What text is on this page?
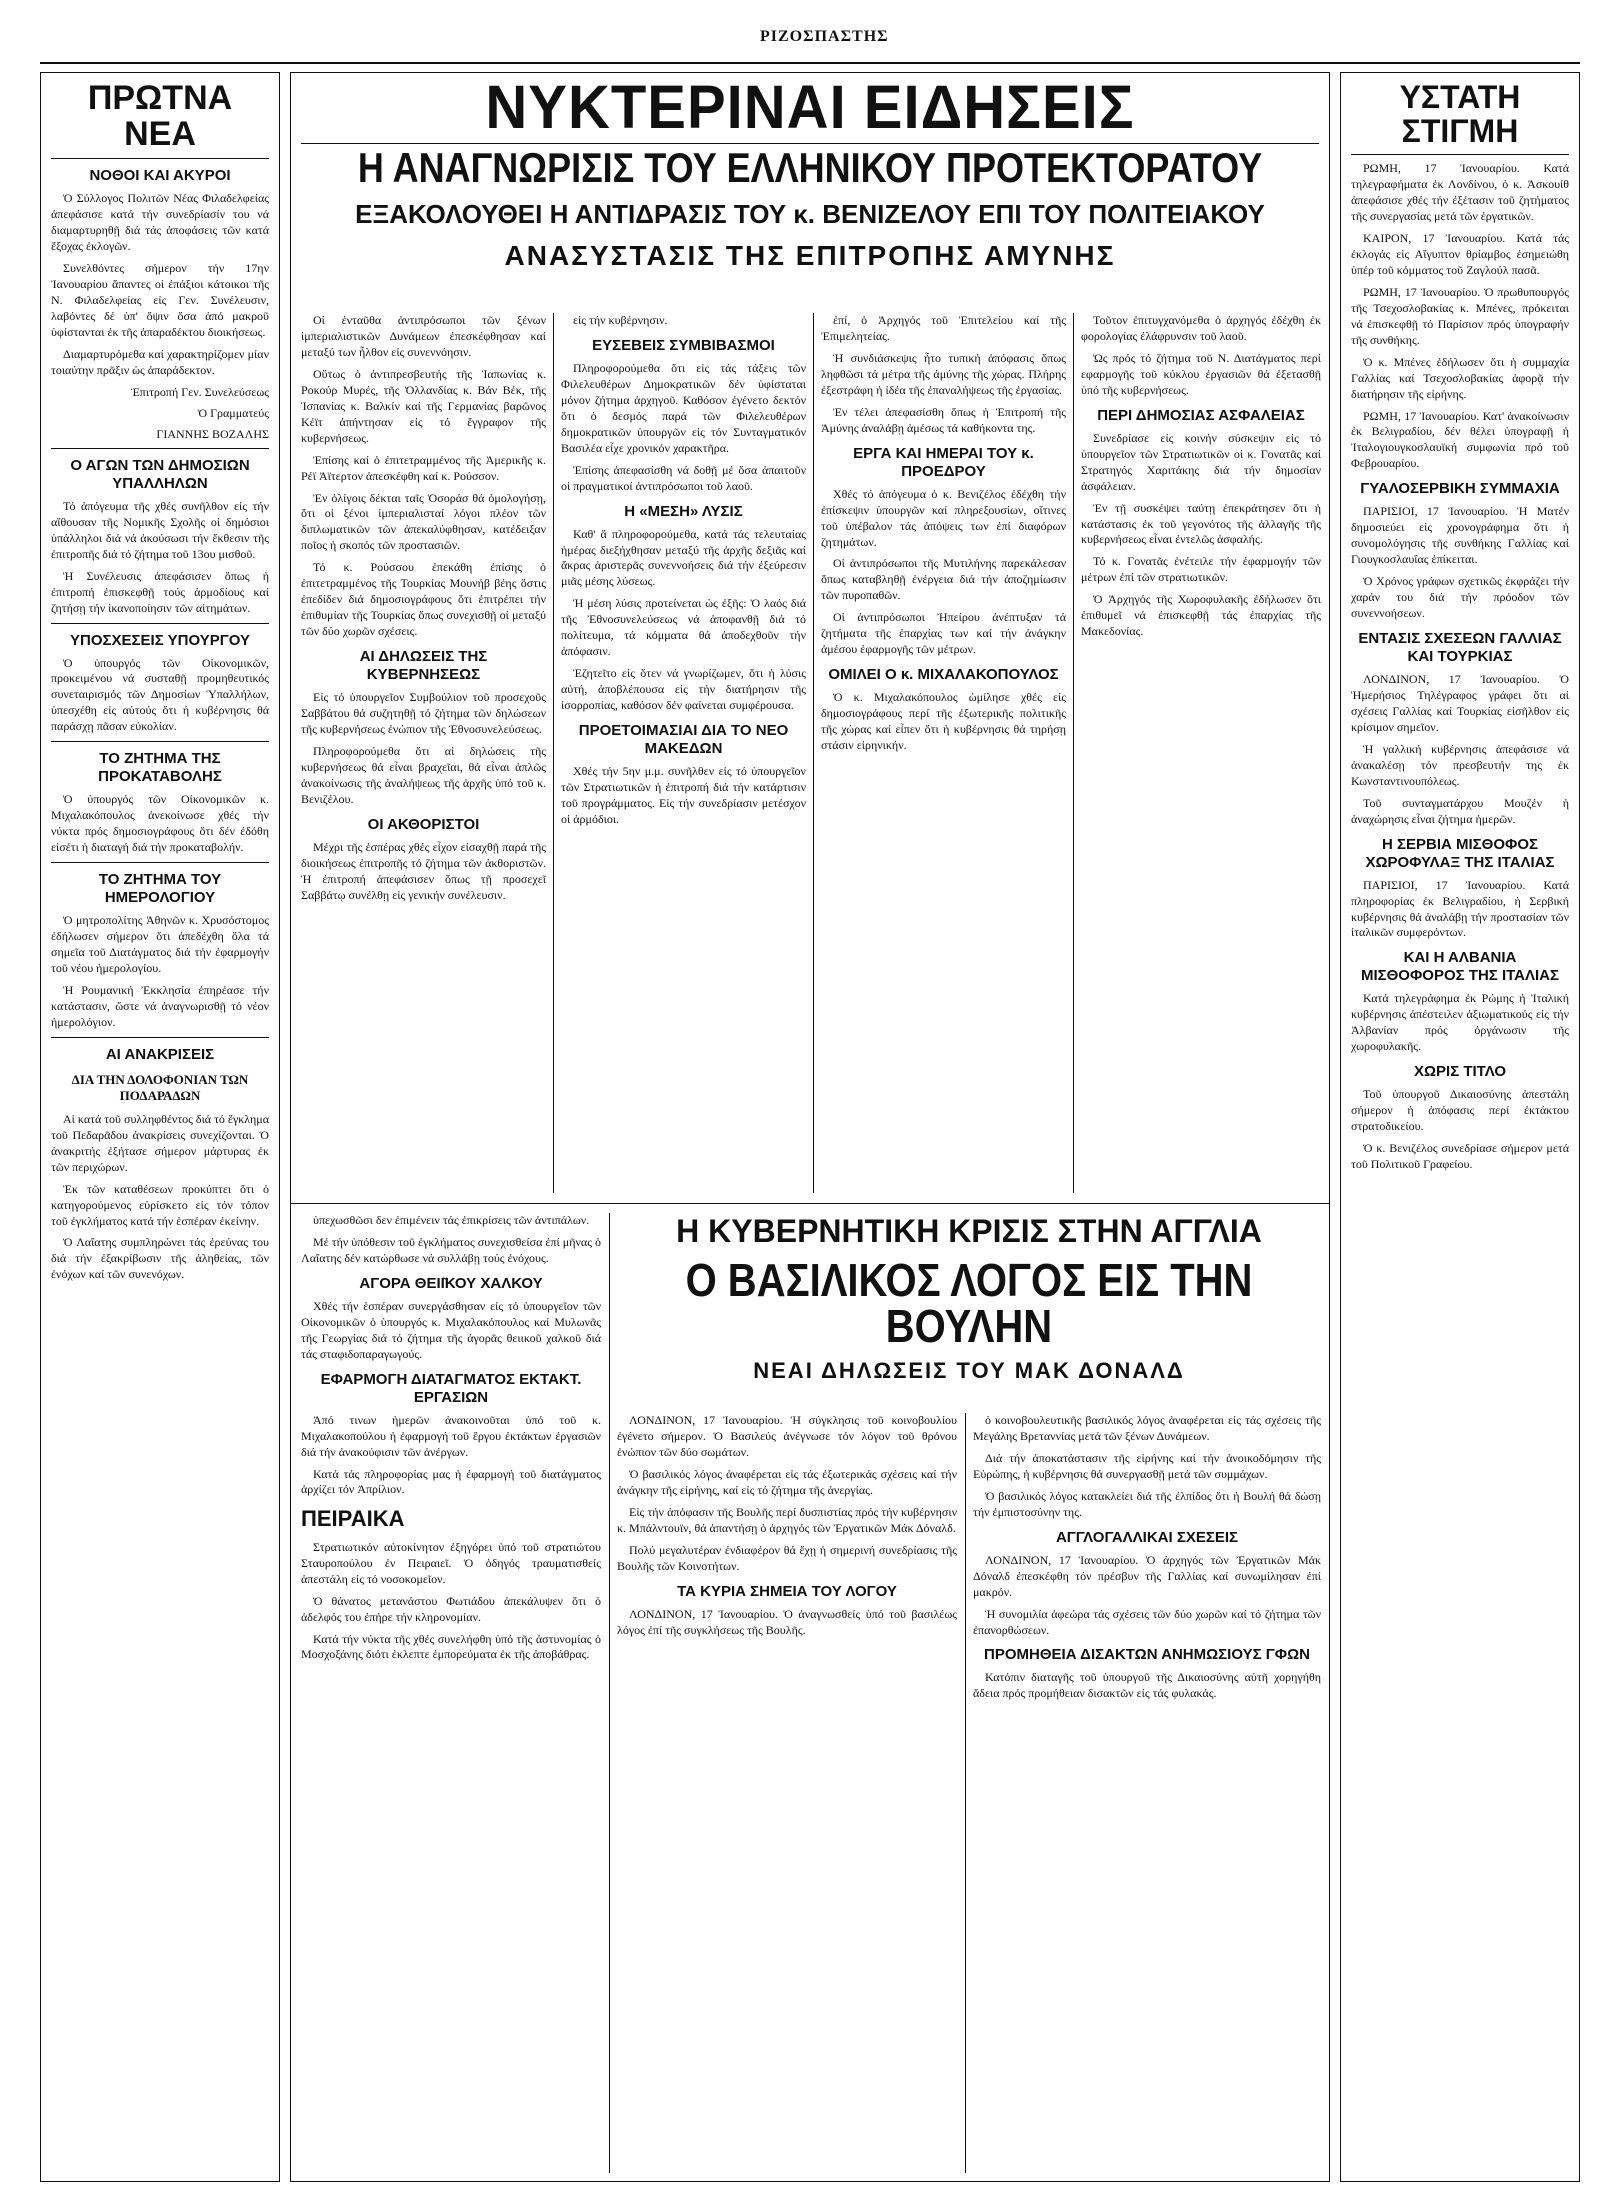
ΡΙΖΟΣΠΑΣΤΗΣ
ΠΡΩΤΝΑ ΝΕΑ
ΝΟΘΟΙ ΚΑΙ ΑΚΥΡΟΙ

Ὁ Σύλλογος Πολιτῶν Νέας Φιλαδελφείας ἀπεφάσισε κατά τήν συνεδρίασίν του νά διαμαρτυρηθῇ διά τάς ἀποφάσεις τῶν κατά ἔξοχας ἐκλογῶν.

Συνελθόντες σήμερον τήν 17ην Ἰανουαρίου ἅπαντες οἱ ἐπάξιοι κάτοικοι τῆς Ν. Φιλαδελφείας εἰς Γεν. Συνέλευσιν, λαβόντες δέ ὑπ' ὄψιν ὅσα ἀπό μακροῦ ὑφίστανται ἐκ τῆς ἀπαραδέκτου διοικήσεως.

Διαμαρτυρόμεθα καί χαρακτηρίζομεν μίαν τοιαύτην πρᾶξιν ὡς ἀπαράδεκτον.

Ἐπιτροπή Γεν. Συνελεύσεως
Ὁ Γραμματεύς
ΓΙΑΝΝΗΣ ΒΟΖΑΛΗΣ
Ο ΑΓΩΝ ΤΩΝ ΔΗΜΟΣΙΩΝ ΥΠΑΛΛΗΛΩΝ

Τό ἀπόγευμα τῆς χθές συνῆλθον εἰς τήν αἴθουσαν τῆς Νομικῆς Σχολῆς οἱ δημόσιοι ὑπάλληλοι διά νά ἀκούσωσι τήν ἔκθεσιν τῆς ἐπιτροπῆς διά τό ζήτημα τοῦ 13ου μισθοῦ.

Ἡ Συνέλευσις ἀπεφάσισεν ὅπως ἡ ἐπιτροπή ἐπισκεφθῇ τούς ἁρμοδίους καί ζητήσῃ τήν ἱκανοποίησιν τῶν αἰτημάτων.

ΥΠΟΣΧΕΣΕΙΣ ΥΠΟΥΡΓΟΥ

Ὁ ὑπουργός τῶν Οἰκονομικῶν, προκειμένου νά συσταθῇ προμηθευτικός συνεταιρισμός τῶν Δημοσίων Ὑπαλλήλων, ὑπεσχέθη εἰς αὐτούς ὅτι ἡ κυβέρνησις θά παράσχῃ πᾶσαν εὐκολίαν.

ΤΟ ΖΗΤΗΜΑ ΤΗΣ ΠΡΟΚΑΤΑΒΟΛΗΣ

Ὁ ὑπουργός τῶν Οἰκονομικῶν κ. Μιχαλακόπουλος ἀνεκοίνωσε χθές τήν νύκτα πρός δημοσιογράφους ὅτι δέν ἐδόθη εἰσέτι ἡ διαταγή διά τήν προκαταβολήν.

ΤΟ ΖΗΤΗΜΑ ΤΟΥ ΗΜΕΡΟΛΟΓΙΟΥ

Ὁ μητροπολίτης Ἀθηνῶν κ. Χρυσόστομος ἐδήλωσεν σήμερον ὅτι ἀπεδέχθη ὅλα τά σημεῖα τοῦ Διατάγματος διά τήν ἐφαρμογήν τοῦ νέου ἡμερολογίου.

Ἡ Ρουμανική Ἐκκλησία ἐπηρέασε τήν κατάστασιν, ὥστε νά ἀναγνωρισθῇ τό νέον ἡμερολόγιον.

ΑΙ ΑΝΑΚΡΙΣΕΙΣ
ΔΙΑ ΤΗΝ ΔΟΛΟΦΟΝΙΑΝ ΤΩΝ ΠΟΔΑΡΑΔΩΝ

Αἱ κατά τοῦ συλληφθέντος διά τό ἔγκλημα τοῦ Πεδαρᾶδου ἀνακρίσεις συνεχίζονται. Ὁ ἀνακριτής ἐξήτασε σήμερον μάρτυρας ἐκ τῶν περιχώρων.

Ἐκ τῶν καταθέσεων προκύπτει ὅτι ὁ κατηγορούμενος εὑρίσκετο εἰς τόν τόπον τοῦ ἐγκλήματος κατά τήν ἑσπέραν ἐκείνην.

Ὁ Λαΐατης συμπληρώνει τάς ἐρεύνας του διά τήν ἐξακρίβωσιν τῆς ἀληθείας, τῶν ἐνόχων καί τῶν συνενόχων.

ΝΥΚΤΕΡΙΝΑΙ ΕΙΔΗΣΕΙΣ
Η ΑΝΑΓΝΩΡΙΣΙΣ ΤΟΥ ΕΛΛΗΝΙΚΟΥ ΠΡΟΤΕΚΤΟΡΑΤΟΥ
ΕΞΑΚΟΛΟΥΘΕΙ Η ΑΝΤΙΔΡΑΣΙΣ ΤΟΥ κ. ΒΕΝΙΖΕΛΟΥ ΕΠΙ ΤΟΥ ΠΟΛΙΤΕΙΑΚΟΥ
ΑΝΑΣΥΣΤΑΣΙΣ ΤΗΣ ΕΠΙΤΡΟΠΗΣ ΑΜΥΝΗΣ

Οἱ ἐνταῦθα ἀντιπρόσωποι τῶν ξένων ἱμπεριαλιστικῶν Δυνάμεων ἐπεσκέφθησαν καί μεταξύ των ἦλθον εἰς συνεννόησιν.

Οὕτως ὁ ἀντιπρεσβευτής τῆς Ἰαπωνίας κ. Ροκούρ Μυρές, τῆς Ὁλλανδίας κ. Βάν Βέκ, τῆς Ἱσπανίας κ. Βαλκίν καί τῆς Γερμανίας βαρῶνος Κέϊτ ἀπήντησαν εἰς τό ἔγγραφον τῆς κυβερνήσεως.

Ἐπίσης καί ὁ ἐπιτετραμμένος τῆς Ἀμερικῆς κ. Ρέϊ Ἀϊτερτον ἀπεσκέφθη καί κ. Ρούσσον.

Ἐν ὀλίγοις δέκται ταῖς Ὁσοράσ θά ὁμολογήσῃ, ὅτι οἱ ξένοι ἱμπεριαλισταί λόγοι πλέον τῶν διπλωματικῶν τῶν ἀπεκαλύφθησαν, κατέδειξαν ποῖος ἡ σκοπός τῶν προστασιῶν.

Τό κ. Ρούσσου ἐπεκάθη ἐπίσης ὁ ἐπιτετραμμένος τῆς Τουρκίας Μουνήβ βέης ὅστις ἐπεδίδεν διά δημοσιογράφους ὅτι ἐπιτρέπει τήν ἐπιθυμίαν τῆς Τουρκίας ὅπως συνεχισθῇ οἱ μεταξύ τῶν δύο χωρῶν σχέσεις.

ΑΙ ΔΗΛΩΣΕΙΣ ΤΗΣ ΚΥΒΕΡΝΗΣΕΩΣ

Εἰς τό ὑπουργεῖον Συμβούλιον τοῦ προσεχοῦς Σαββάτου θά συζητηθῇ τό ζήτημα τῶν δηλώσεων τῆς κυβερνήσεως ἐνώπιον τῆς Ἐθνοσυνελεύσεως.

Πληροφορούμεθα ὅτι αἱ δηλώσεις τῆς κυβερνήσεως θά εἶναι βραχεῖαι, θά εἶναι ἁπλῶς ἀνακοίνωσις τῆς ἀναλήψεως τῆς ἀρχῆς ὑπό τοῦ κ. Βενιζέλου.

ΟΙ ΑΚΘΟΡΙΣΤΟΙ

Μέχρι τῆς ἑσπέρας χθές εἶχον εἰσαχθῇ παρά τῆς διοικήσεως ἐπιτροπῆς τό ζήτημα τῶν ἀκθοριστῶν. Ἡ ἐπιτροπή ἀπεφάσισεν ὅπως τῇ προσεχεῖ Σαββάτῳ συνέλθῃ εἰς γενικήν συνέλευσιν.

εἰς τήν κυβέρνησιν.

ΕΥΣΕΒΕΙΣ ΣΥΜΒΙΒΑΣΜΟΙ

Πληροφορούμεθα ὅτι εἰς τάς τάξεις τῶν Φιλελευθέρων Δημοκρατικῶν δέν ὑφίσταται μόνον ζήτημα ἀρχηγοῦ. Καθόσον ἐγένετο δεκτόν ὅτι ὁ δεσμός παρά τῶν Φιλελευθέρων δημοκρατικῶν ὑπουργῶν εἰς τόν Συνταγματικόν Βασιλέα εἶχε χρονικόν χαρακτῆρα.

Ἐπίσης ἀπεφασίσθη νά δοθῇ μέ ὅσα ἀπαιτοῦν οἱ πραγματικοί ἀντιπρόσωποι τοῦ λαοῦ.

Η «ΜΕΣΗ» ΛΥΣΙΣ

Καθ' ἅ πληροφορούμεθα, κατά τάς τελευταίας ἡμέρας διεξήχθησαν μεταξύ τῆς ἀρχῆς δεξιᾶς καί ἄκρας ἀριστερᾶς συνεννοήσεις διά τήν ἐξεύρεσιν μιᾶς μέσης λύσεως.

Ἡ μέση λύσις προτείνεται ὡς ἐξῆς: Ὁ λαός διά τῆς Ἐθνοσυνελεύσεως νά ἀποφανθῇ διά τό πολίτευμα, τά κόμματα θά ἀποδεχθοῦν τήν ἀπόφασιν.

Ἐζητεῖτο εἰς ὅτεν νά γνωρίζωμεν, ὅτι ἡ λύσις αὐτή, ἀποβλέπουσα εἰς τήν διατήρησιν τῆς ἰσορροπίας, καθόσον δέν φαίνεται συμφέρουσα.

ΠΡΟΕΤΟΙΜΑΣΙΑΙ ΔΙΑ ΤΟ ΝΕΟ ΜΑΚΕΔΩΝ

Χθές τήν 5ην μ.μ. συνῆλθεν εἰς τό ὑπουργεῖον τῶν Στρατιωτικῶν ἡ ἐπιτροπή διά τήν κατάρτισιν τοῦ προγράμματος. Εἰς τήν συνεδρίασιν μετέσχον οἱ ἁρμόδιοι.

ἐπί, ὁ Ἀρχηγός τοῦ Ἐπιτελείου καί τῆς Ἐπιμελητείας.

Ἡ συνδιάσκεψις ἦτο τυπική ἀπόφασις ὅπως ληφθῶσι τά μέτρα τῆς ἀμύνης τῆς χώρας. Πλήρης ἐξεστράφη ἡ ἰδέα τῆς ἐπαναλήψεως τῆς ἐργασίας.

Ἐν τέλει ἀπεφασίσθη ὅπως ἡ Ἐπιτροπή τῆς Ἀμύνης ἀναλάβῃ ἀμέσως τά καθήκοντα της.

ΕΡΓΑ ΚΑΙ ΗΜΕΡΑΙ ΤΟΥ κ. ΠΡΟΕΔΡΟΥ

Χθές τό ἀπόγευμα ὁ κ. Βενιζέλος ἐδέχθη τήν ἐπίσκεψιν ὑπουργῶν καί πληρεξουσίων, οἵτινες τοῦ ὑπέβαλον τάς ἀπόψεις των ἐπί διαφόρων ζητημάτων.

Οἱ ἀντιπρόσωποι τῆς Μυτιλήνης παρεκάλεσαν ὅπως καταβληθῇ ἐνέργεια διά τήν ἀποζημίωσιν τῶν πυροπαθῶν.

Οἱ ἀντιπρόσωποι Ἠπείρου ἀνέπτυξαν τά ζητήματα τῆς ἐπαρχίας των καί τήν ἀνάγκην ἀμέσου ἐφαρμογῆς τῶν μέτρων.

ΟΜΙΛΕΙ Ο κ. ΜΙΧΑΛΑΚΟΠΟΥΛΟΣ

Ὁ κ. Μιχαλακόπουλος ὡμίλησε χθές εἰς δημοσιογράφους περί τῆς ἐξωτερικῆς πολιτικῆς τῆς χώρας καί εἶπεν ὅτι ἡ κυβέρνησις θά τηρήσῃ στάσιν εἰρηνικήν.

Τοῦτον ἐπιτυγχανόμεθα ὁ ἀρχηγός ἐδέχθη ἐκ φορολογίας ἐλάφρυνσιν τοῦ λαοῦ.

Ὡς πρός τό ζήτημα τοῦ Ν. Διατάγματος περί εφαρμογῆς τοῦ κύκλου ἐργασιῶν θά ἐξετασθῇ ὑπό τῆς κυβερνήσεως.

ΠΕΡΙ ΔΗΜΟΣΙΑΣ ΑΣΦΑΛΕΙΑΣ

Συνεδρίασε εἰς κοινήν σύσκεψιν εἰς τό ὑπουργεῖον τῶν Στρατιωτικῶν οἱ κ. Γονατᾶς καί Στρατηγός Χαριτάκης διά τήν δημοσίαν ἀσφάλειαν.

Ἐν τῇ συσκέψει ταύτῃ ἐπεκράτησεν ὅτι ἡ κατάστασις ἐκ τοῦ γεγονότος τῆς ἀλλαγῆς τῆς κυβερνήσεως εἶναι ἐντελῶς ἀσφαλής.

Τό κ. Γονατᾶς ἐνέτειλε τήν ἐφαρμογήν τῶν μέτρων ἐπί τῶν στρατιωτικῶν.

Ὁ Ἀρχηγός τῆς Χωροφυλακῆς ἐδήλωσεν ὅτι ἐπιθυμεῖ νά ἐπισκεφθῇ τάς ἐπαρχίας τῆς Μακεδονίας.

ὑπεχωσθῶσι δεν ἐπιμένειν τάς ἐπικρίσεις τῶν ἀντιπάλων.

Μέ τήν ὑπόθεσιν τοῦ ἐγκλήματος συνεχισθείσα ἐπί μῆνας ὁ Λαΐατης δέν κατώρθωσε νά συλλάβῃ τούς ἐνόχους.

ΑΓΟΡΑ ΘΕΙΙ͂ΚΟΥ ΧΑΛΚΟΥ

Χθές τήν ἑσπέραν συνεργάσθησαν εἰς τό ὑπουργεῖον τῶν Οἰκονομικῶν ὁ ὑπουργός κ. Μιχαλακόπουλος καί Μυλωνᾶς τῆς Γεωργίας διά τό ζήτημα τῆς ἀγορᾶς θειικοῦ χαλκοῦ διά τάς σταφιδοπαραγωγούς.

ΕΦΑΡΜΟΓΗ ΔΙΑΤΑΓΜΑΤΟΣ ΕΚΤΑΚΤ. ΕΡΓΑΣΙΩΝ

Ἀπό τινων ἡμερῶν ἀνακοινοῦται ὑπό τοῦ κ. Μιχαλακοπούλου ἡ ἐφαρμογή τοῦ ἔργου ἐκτάκτων ἐργασιῶν διά τήν ἀνακούφισιν τῶν ἀνέργων.

Κατά τάς πληροφορίας μας ἡ ἐφαρμογή τοῦ διατάγματος ἀρχίζει τόν Ἀπρίλιον.

ΠΕΙΡΑΙΚΑ

Στρατιωτικόν αὐτοκίνητον ἐξηγόρει ὑπό τοῦ στρατιώτου Σταυροπούλου ἐν Πειραιεῖ. Ὁ ὁδηγός τραυματισθείς ἀπεστάλη εἰς τό νοσοκομεῖον.

Ὁ θάνατος μετανάστου Φωτιάδου ἀπεκάλυψεν ὅτι ὁ ἀδελφός του ἐπήρε τήν κληρονομίαν.

Κατά τήν νύκτα τῆς χθές συνελήφθη ὑπό τῆς ἀστυνομίας ὁ Μοσχοξάνης διότι ἐκλεπτε ἐμπορεύματα ἐκ τῆς ἀποβάθρας.

Η ΚΥΒΕΡΝΗΤΙΚΗ ΚΡΙΣΙΣ ΣΤΗΝ ΑΓΓΛΙΑ
Ο ΒΑΣΙΛΙΚΟΣ ΛΟΓΟΣ ΕΙΣ ΤΗΝ ΒΟΥΛΗΝ
ΝΕΑΙ ΔΗΛΩΣΕΙΣ ΤΟΥ ΜΑΚ ΔΟΝΑΛΔ

ΛΟΝΔΙΝΟΝ, 17 Ἰανουαρίου. Ἡ σύγκλησις τοῦ κοινοβουλίου ἐγένετο σήμερον. Ὁ Βασιλεύς ἀνέγνωσε τόν λόγον τοῦ θρόνου ἐνώπιον τῶν δύο σωμάτων.

Ὁ βασιλικός λόγος ἀναφέρεται εἰς τάς ἐξωτερικάς σχέσεις καί τήν ἀνάγκην τῆς εἰρήνης, καί εἰς τό ζήτημα τῆς ἀνεργίας.

Εἰς τήν ἀπόφασιν τῆς Βουλῆς περί δυσπιστίας πρός τήν κυβέρνησιν κ. Μπάλντουϊν, θά ἀπαντήσῃ ὁ ἀρχηγός τῶν Ἐργατικῶν Μάκ Δόναλδ.

Πολύ μεγαλυτέραν ἐνδιαφέρον θά ἔχῃ ἡ σημερινή συνεδρίασις τῆς Βουλῆς τῶν Κοινοτήτων.

ΤΑ ΚΥΡΙΑ ΣΗΜΕΙΑ ΤΟΥ ΛΟΓΟΥ

ΛΟΝΔΙΝΟΝ, 17 Ἰανουαρίου. Ὁ ἀναγνωσθείς ὑπό τοῦ βασιλέως λόγος ἐπί τῆς συγκλήσεως τῆς Βουλῆς.

ὁ κοινοβουλευτικῆς βασιλικός λόγος ἀναφέρεται εἰς τάς σχέσεις τῆς Μεγάλης Βρεταννίας μετά τῶν ξένων Δυνάμεων.

Διά τήν ἀποκατάστασιν τῆς εἰρήνης καί τήν ἀνοικοδόμησιν τῆς Εὐρώπης, ἡ κυβέρνησις θά συνεργασθῇ μετά τῶν συμμάχων.

Ὁ βασιλικός λόγος κατακλείει διά τῆς ἐλπίδος ὅτι ἡ Βουλή θά δώσῃ τήν ἐμπιστοσύνην της.

ΑΓΓΛΟΓΑΛΛΙΚΑΙ ΣΧΕΣΕΙΣ

ΛΟΝΔΙΝΟΝ, 17 Ἰανουαρίου. Ὁ ἀρχηγός τῶν Ἐργατικῶν Μάκ Δόναλδ ἐπεσκέφθη τόν πρέσβυν τῆς Γαλλίας καί συνωμίλησαν ἐπί μακρόν.

Ἡ συνομιλία ἀφεώρα τάς σχέσεις τῶν δύο χωρῶν καί τό ζήτημα τῶν ἐπανορθώσεων.

ΠΡΟΜΗΘΕΙΑ ΔΙΣΑΚΤΩΝ ΑΝΗΜΩΣΙΟΥΣ ΓΦΩΝ

Κατόπιν διαταγῆς τοῦ ὑπουργοῦ τῆς Δικαιοσύνης αὐτῆ χορηγήθη ἄδεια πρός προμήθειαν δισακτῶν εἰς τάς φυλακάς.

ΥΣΤΑΤΗ ΣΤΙΓΜΗ

ΡΩΜΗ, 17 Ἰανουαρίου. Κατά τηλεγραφήματα ἐκ Λονδίνου, ὁ κ. Ἀσκουίθ ἀπεφάσισε χθές τήν ἐξέτασιν τοῦ ζητήματος τῆς συνεργασίας μετά τῶν ἐργατικῶν.

ΚΑΙΡΟΝ, 17 Ἰανουαρίου. Κατά τάς ἐκλογάς εἰς Αἴγυπτον θρίαμβος ἐσημειώθη ὑπέρ τοῦ κόμματος τοῦ Ζαγλούλ πασᾶ.

ΡΩΜΗ, 17 Ἰανουαρίου. Ὁ πρωθυπουργός τῆς Τσεχοσλοβακίας κ. Μπένες, πρόκειται νά ἐπισκεφθῇ τό Παρίσιον πρός ὑπογραφήν τῆς συνθήκης.

Ὁ κ. Μπένες ἐδήλωσεν ὅτι ἡ συμμαχία Γαλλίας καί Τσεχοσλοβακίας ἀφορᾷ τήν διατήρησιν τῆς εἰρήνης.

ΡΩΜΗ, 17 Ἰανουαρίου. Κατ' ἀνακοίνωσιν ἐκ Βελιγραδίου, δέν θέλει ὑπογραφῇ ἡ Ἰταλογιουγκοσλαυϊκή συμφωνία πρό τοῦ Φεβρουαρίου.

ΓΥΑΛΟΣΕΡΒΙΚΗ ΣΥΜΜΑΧΙΑ

ΠΑΡΙΣΙΟΙ, 17 Ἰανουαρίου. Ἡ Ματέν δημοσιεύει εἰς χρονογράφημα ὅτι ἡ συνομολόγησις τῆς συνθήκης Γαλλίας καί Γιουγκοσλαυΐας ἐπίκειται.

Ὁ Χρόνος γράφων σχετικῶς ἐκφράζει τήν χαράν του διά τήν πρόοδον τῶν συνεννοήσεων.

ΕΝΤΑΣΙΣ ΣΧΕΣΕΩΝ ΓΑΛΛΙΑΣ ΚΑΙ ΤΟΥΡΚΙΑΣ

ΛΟΝΔΙΝΟΝ, 17 Ἰανουαρίου. Ὁ Ἡμερήσιος Τηλέγραφος γράφει ὅτι αἱ σχέσεις Γαλλίας καί Τουρκίας εἰσῆλθον εἰς κρίσιμον σημεῖον.

Ἡ γαλλική κυβέρνησις ἀπεφάσισε νά ἀνακαλέσῃ τόν πρεσβευτήν της ἐκ Κωνσταντινουπόλεως.

Τοῦ συνταγματάρχου Μουζέν ἡ ἀναχώρησις εἶναι ζήτημα ἡμερῶν.

Η ΣΕΡΒΙΑ ΜΙΣΘΟΦΟΣ ΧΩΡΟΦΥΛΑΞ ΤΗΣ ΙΤΑΛΙΑΣ

ΠΑΡΙΣΙΟΙ, 17 Ἰανουαρίου. Κατά πληροφορίας ἐκ Βελιγραδίου, ἡ Σερβική κυβέρνησις θά ἀναλάβῃ τήν προστασίαν τῶν ἰταλικῶν συμφερόντων.

ΚΑΙ Η ΑΛΒΑΝΙΑ ΜΙΣΘΟΦΟΡΟΣ ΤΗΣ ΙΤΑΛΙΑΣ

Κατά τηλεγράφημα ἐκ Ρώμης ἡ Ἰταλική κυβέρνησις ἀπέστειλεν ἀξιωματικούς εἰς τήν Ἀλβανίαν πρός ὀργάνωσιν τῆς χωροφυλακῆς.

ΧΩΡΙΣ ΤΙΤΛΟ

Τοῦ ὑπουργοῦ Δικαιοσύνης ἀπεστάλη σήμερον ἡ ἀπόφασις περί ἐκτάκτου στρατοδικείου.

Ὁ κ. Βενιζέλος συνεδρίασε σήμερον μετά τοῦ Πολιτικοῦ Γραφείου.
